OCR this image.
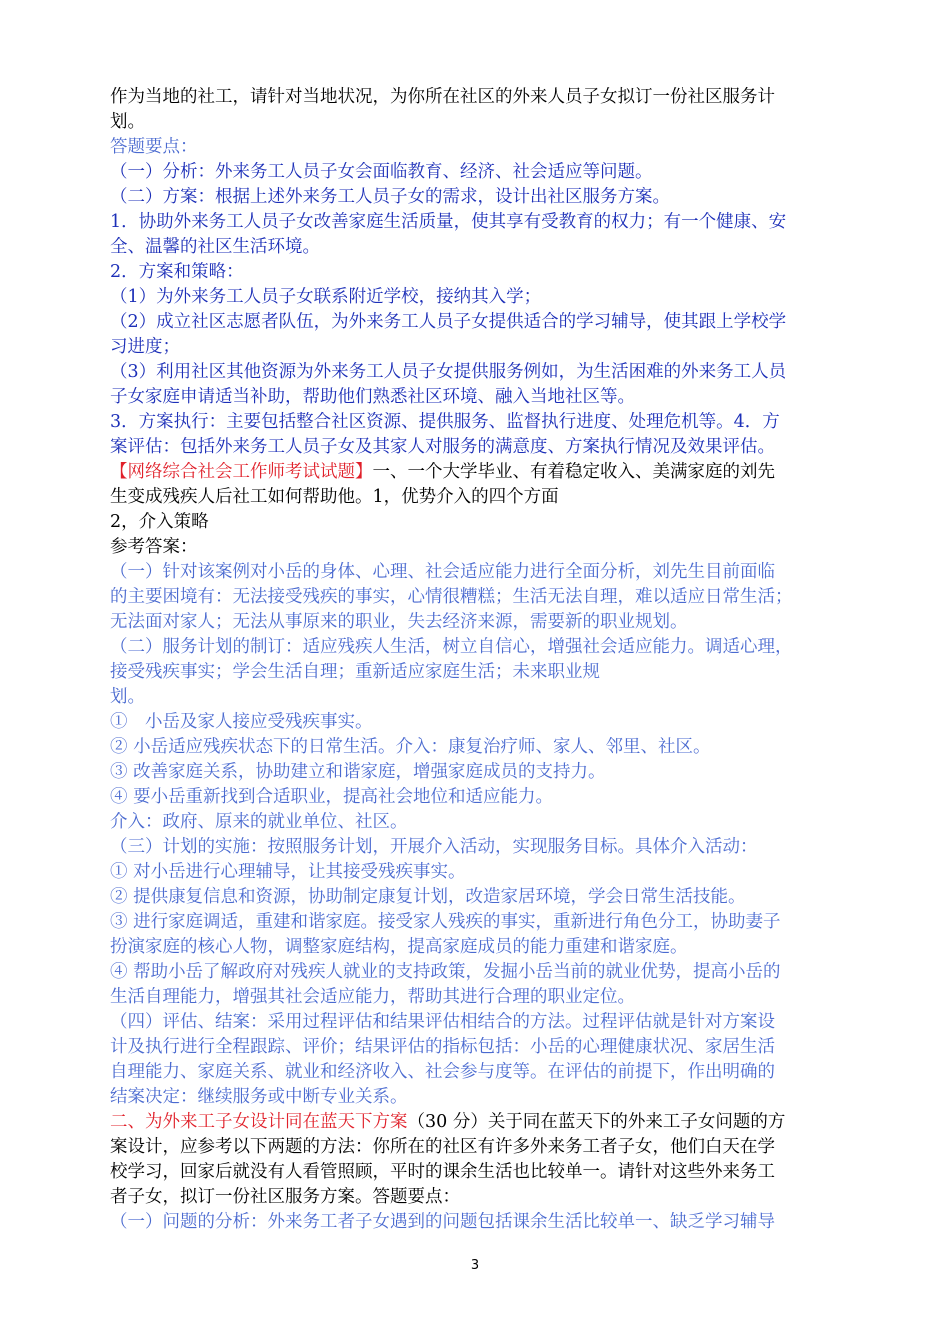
作为当地的社工，请针对当地状况，为你所在社区的外来人员子女拟订一份社区服务计
划。
答题要点：
（一）分析：外来务工人员子女会面临教育、经济、社会适应等问题。
（二）方案：根据上述外来务工人员子女的需求，设计出社区服务方案。
1．协助外来务工人员子女改善家庭生活质量，使其享有受教育的权力；有一个健康、安
全、温馨的社区生活环境。
2．方案和策略：
（1）为外来务工人员子女联系附近学校，接纳其入学；
（2）成立社区志愿者队伍，为外来务工人员子女提供适合的学习辅导，使其跟上学校学
习进度；
（3）利用社区其他资源为外来务工人员子女提供服务例如，为生活困难的外来务工人员
子女家庭申请适当补助，帮助他们熟悉社区环境、融入当地社区等。
3．方案执行：主要包括整合社区资源、提供服务、监督执行进度、处理危机等。4．方
案评估：包括外来务工人员子女及其家人对服务的满意度、方案执行情况及效果评估。
【网络综合社会工作师考试试题】一、一个大学毕业、有着稳定收入、美满家庭的刘先
生变成残疾人后社工如何帮助他。1，优势介入的四个方面
2，介入策略
参考答案：
（一）针对该案例对小岳的身体、心理、社会适应能力进行全面分析，刘先生目前面临
的主要困境有：无法接受残疾的事实，心情很糟糕；生活无法自理，难以适应日常生活；
无法面对家人；无法从事原来的职业，失去经济来源，需要新的职业规划。
（二）服务计划的制订：适应残疾人生活，树立自信心，增强社会适应能力。调适心理，
接受残疾事实；学会生活自理；重新适应家庭生活；未来职业规
划。
①　小岳及家人接应受残疾事实。
② 小岳适应残疾状态下的日常生活。介入：康复治疗师、家人、邻里、社区。
③ 改善家庭关系，协助建立和谐家庭，增强家庭成员的支持力。
④ 要小岳重新找到合适职业，提高社会地位和适应能力。
介入：政府、原来的就业单位、社区。
（三）计划的实施：按照服务计划，开展介入活动，实现服务目标。具体介入活动：
① 对小岳进行心理辅导，让其接受残疾事实。
② 提供康复信息和资源，协助制定康复计划，改造家居环境，学会日常生活技能。
③ 进行家庭调适，重建和谐家庭。接受家人残疾的事实，重新进行角色分工，协助妻子
扮演家庭的核心人物，调整家庭结构，提高家庭成员的能力重建和谐家庭。
④ 帮助小岳了解政府对残疾人就业的支持政策，发掘小岳当前的就业优势，提高小岳的
生活自理能力，增强其社会适应能力，帮助其进行合理的职业定位。
（四）评估、结案：采用过程评估和结果评估相结合的方法。过程评估就是针对方案设
计及执行进行全程跟踪、评价；结果评估的指标包括：小岳的心理健康状况、家居生活
自理能力、家庭关系、就业和经济收入、社会参与度等。在评估的前提下，作出明确的
结案决定：继续服务或中断专业关系。
二、为外来工子女设计同在蓝天下方案（30 分）关于同在蓝天下的外来工子女问题的方
案设计，应参考以下两题的方法：你所在的社区有许多外来务工者子女，他们白天在学
校学习，回家后就没有人看管照顾，平时的课余生活也比较单一。请针对这些外来务工
者子女，拟订一份社区服务方案。答题要点：
（一）问题的分析：外来务工者子女遇到的问题包括课余生活比较单一、缺乏学习辅导
3
